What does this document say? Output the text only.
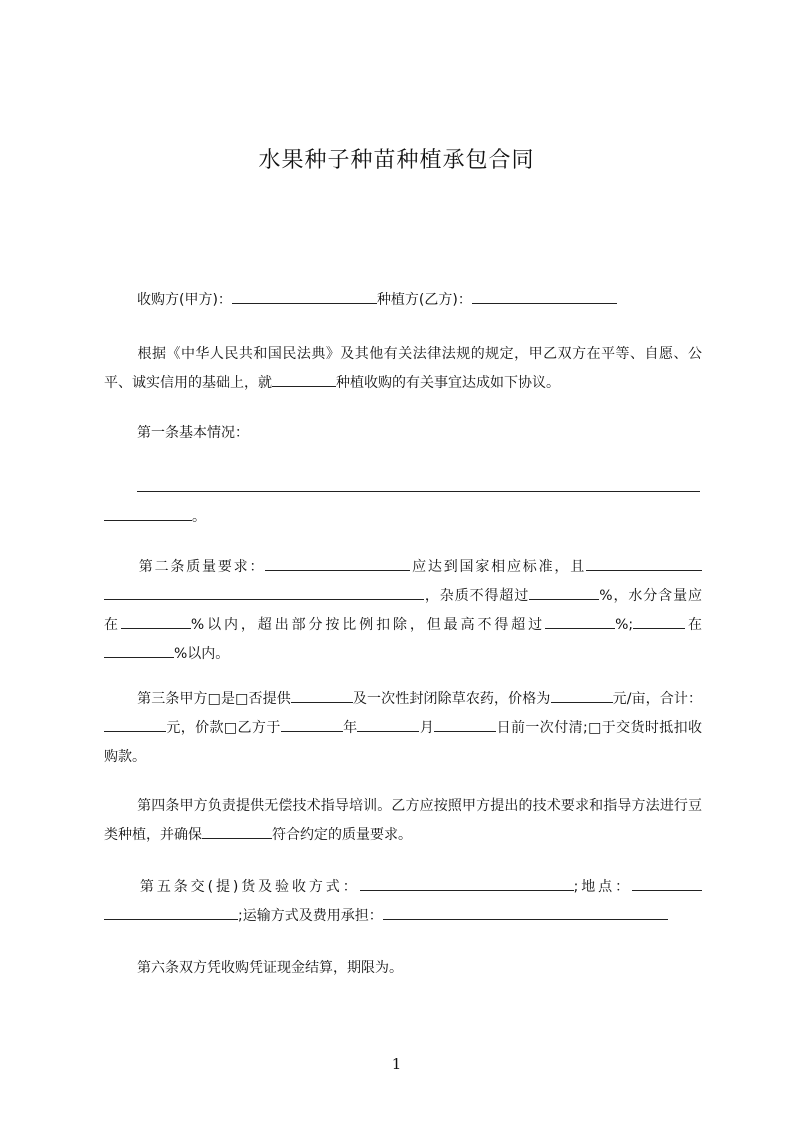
水果种子种苗种植承包合同

收购方(甲方)：	种植方(乙方)：

根据《中华人民共和国民法典》及其他有关法律法规的规定，甲乙双方在平等、自愿、公平、诚实信用的基础上，就	种植收购的有关事宜达成如下协议。

第一条基本情况：

。

第二条质量要求：	应达到国家相应标准，且，杂质不得超过	%，水分含量应在	%以内，超出部分按比例扣除，但最高不得超过	%;	在%以内。

第三条甲方□是□否提供	及一次性封闭除草农药，价格为	元/亩，合计：元，价款□乙方于	年	月	日前一次付清;□于交货时抵扣收购款。

第四条甲方负责提供无偿技术指导培训。乙方应按照甲方提出的技术要求和指导方法进行豆类种植，并确保	符合约定的质量要求。

第五条交(提)货及验收方式：	;地点：;运输方式及费用承担：

第六条双方凭收购凭证现金结算，期限为。

1
